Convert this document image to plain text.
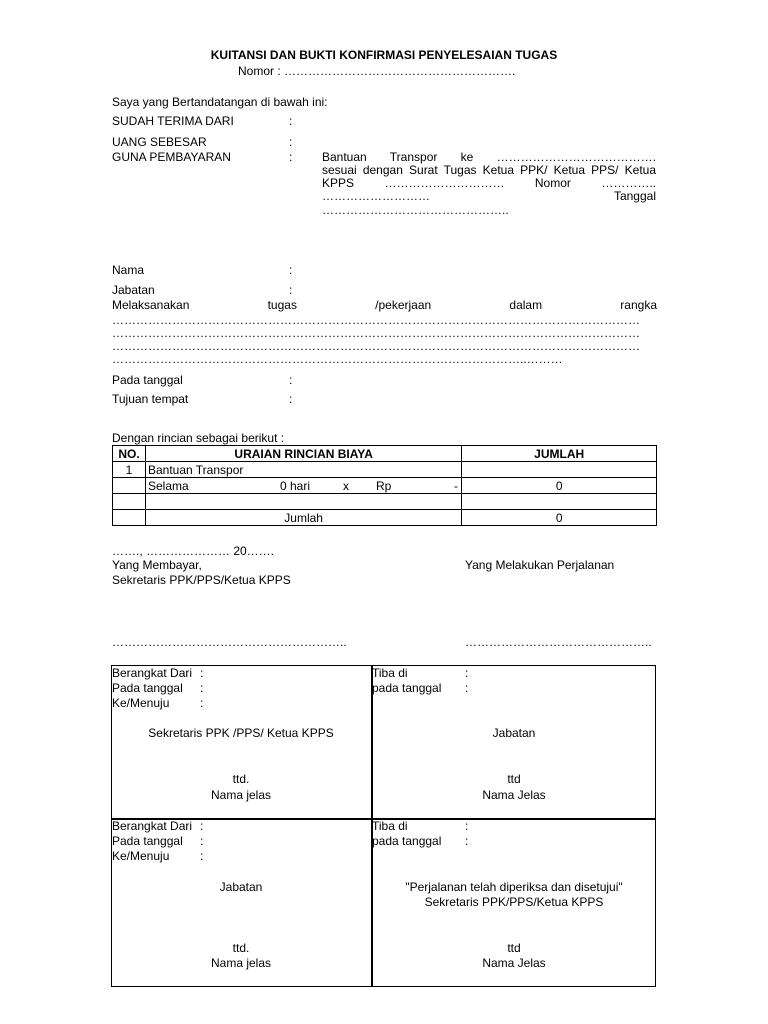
KUITANSI DAN BUKTI KONFIRMASI PENYELESAIAN TUGAS
Nomor : ………………………………………………….
Saya yang Bertandatangan di bawah ini:
SUDAH TERIMA DARI	:
UANG SEBESAR	:
GUNA PEMBAYARAN	: Bantuan Transpor ke ………………………………….
sesuai dengan Surat Tugas Ketua PPK/ Ketua PPS/ Ketua
KPPS ………………………… Nomor …………..
……………………… Tanggal
………………………………………..
Nama	:
Jabatan	:
Melaksanakan tugas /pekerjaan dalam rangka
……………………………………………………………………………………………………………………
……………………………………………………………………………………………………………………
……………………………………………………………………………………………………………………
…………………………………………………………………………………………..………
Pada tanggal	:
Tujuan tempat	:
Dengan rincian sebagai berikut :
NO.	URAIAN RINCIAN BIAYA	JUMLAH
1	Bantuan Transpor	
	Selama 0 hari x Rp -	0

	Jumlah	0
……., ………………… 20…….
Yang Membayar,
Sekretaris PPK/PPS/Ketua KPPS
Yang Melakukan Perjalanan
…………………………………………………..	………………………………………..
Berangkat Dari :
Pada tanggal :
Ke/Menuju	:
Sekretaris PPK /PPS/ Ketua KPPS
ttd.
Nama jelas
Tiba di	:
pada tanggal :
Jabatan
ttd
Nama Jelas
Berangkat Dari :
Pada tanggal :
Ke/Menuju	:
Jabatan
ttd.
Nama jelas
Tiba di	:
pada tanggal :
"Perjalanan telah diperiksa dan disetujui"
Sekretaris PPK/PPS/Ketua KPPS
ttd
Nama Jelas
